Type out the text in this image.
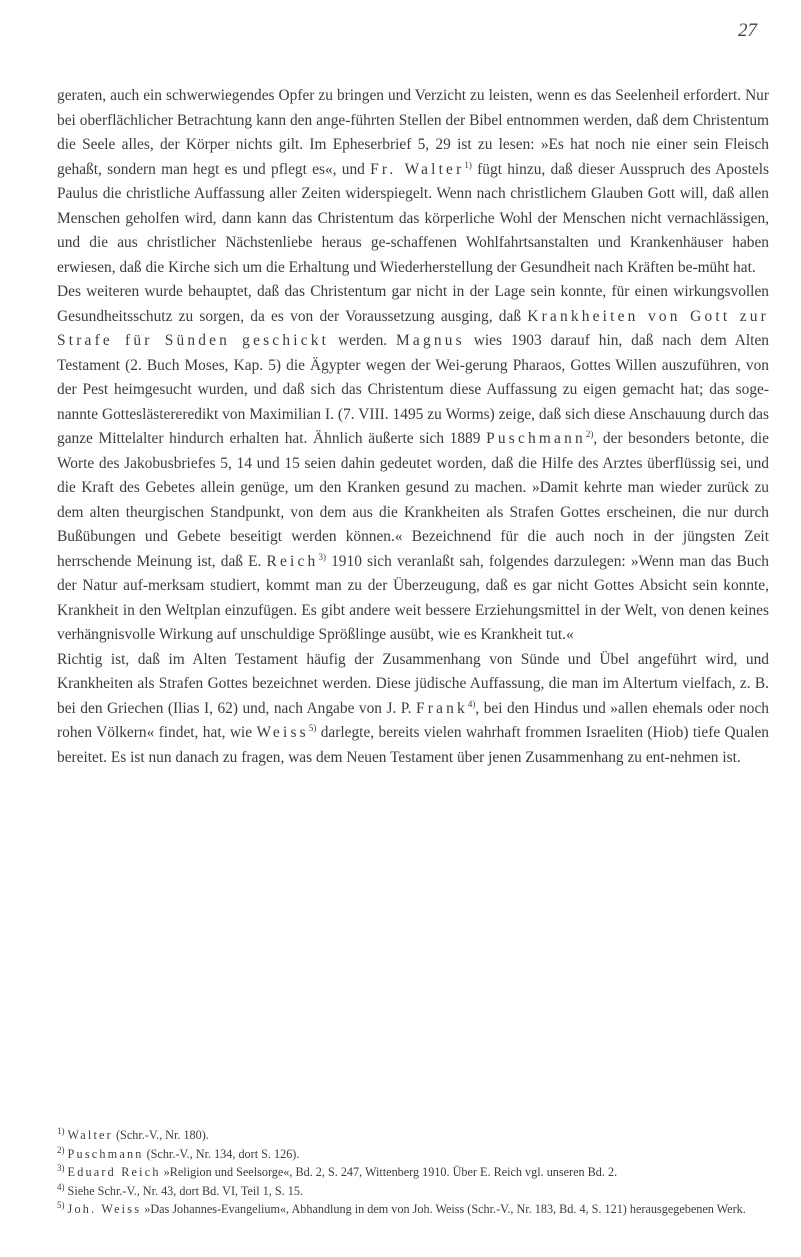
27

geraten, auch ein schwerwiegendes Opfer zu bringen und Verzicht zu leisten, wenn es das Seelenheil erfordert. Nur bei oberflächlicher Betrachtung kann den ange-führten Stellen der Bibel entnommen werden, daß dem Christentum die Seele alles, der Körper nichts gilt. Im Epheserbrief 5, 29 ist zu lesen: »Es hat noch nie einer sein Fleisch gehaßt, sondern man hegt es und pflegt es«, und Fr. Walter$^{1)}$ fügt hinzu, daß dieser Ausspruch des Apostels Paulus die christliche Auffassung aller Zeiten widerspiegelt. Wenn nach christlichem Glauben Gott will, daß allen Menschen geholfen wird, dann kann das Christentum das körperliche Wohl der Menschen nicht vernachlässigen, und die aus christlicher Nächstenliebe heraus ge-schaffenen Wohlfahrtsanstalten und Krankenhäuser haben erwiesen, daß die Kirche sich um die Erhaltung und Wiederherstellung der Gesundheit nach Kräften be-müht hat.

Des weiteren wurde behauptet, daß das Christentum gar nicht in der Lage sein konnte, für einen wirkungsvollen Gesundheitsschutz zu sorgen, da es von der Voraussetzung ausging, daß Krankheiten von Gott zur Strafe für Sünden geschickt werden. Magnus wies 1903 darauf hin, daß nach dem Alten Testament (2. Buch Moses, Kap. 5) die Ägypter wegen der Wei-gerung Pharaos, Gottes Willen auszuführen, von der Pest heimgesucht wurden, und daß sich das Christentum diese Auffassung zu eigen gemacht hat; das soge-nannte Gotteslästereredikt von Maximilian I. (7. VIII. 1495 zu Worms) zeige, daß sich diese Anschauung durch das ganze Mittelalter hindurch erhalten hat. Ähnlich äußerte sich 1889 Puschmann$^{2)}$, der besonders betonte, die Worte des Jakobusbriefes 5, 14 und 15 seien dahin gedeutet worden, daß die Hilfe des Arztes überflüssig sei, und die Kraft des Gebetes allein genüge, um den Kranken gesund zu machen. »Damit kehrte man wieder zurück zu dem alten theurgischen Standpunkt, von dem aus die Krankheiten als Strafen Gottes erscheinen, die nur durch Bußübungen und Gebete beseitigt werden können.« Bezeichnend für die auch noch in der jüngsten Zeit herrschende Meinung ist, daß E. Reich$^{3)}$ 1910 sich veranlaßt sah, folgendes darzulegen: »Wenn man das Buch der Natur auf-merksam studiert, kommt man zu der Überzeugung, daß es gar nicht Gottes Absicht sein konnte, Krankheit in den Weltplan einzufügen. Es gibt andere weit bessere Erziehungsmittel in der Welt, von denen keines verhängnisvolle Wirkung auf unschuldige Sprößlinge ausübt, wie es Krankheit tut.«

Richtig ist, daß im Alten Testament häufig der Zusammenhang von Sünde und Übel angeführt wird, und Krankheiten als Strafen Gottes bezeichnet werden. Diese jüdische Auffassung, die man im Altertum vielfach, z. B. bei den Griechen (Ilias I, 62) und, nach Angabe von J. P. Frank$^{4)}$, bei den Hindus und »allen ehemals oder noch rohen Völkern« findet, hat, wie Weiss$^{5)}$ darlegte, bereits vielen wahrhaft frommen Israeliten (Hiob) tiefe Qualen bereitet. Es ist nun danach zu fragen, was dem Neuen Testament über jenen Zusammenhang zu ent-nehmen ist.

$^{1)}$ Walter (Schr.-V., Nr. 180).

$^{2)}$ Puschmann (Schr.-V., Nr. 134, dort S. 126).

$^{3)}$ Eduard Reich »Religion und Seelsorge«, Bd. 2, S. 247, Wittenberg 1910. Über E. Reich vgl. unseren Bd. 2.

$^{4)}$ Siehe Schr.-V., Nr. 43, dort Bd. VI, Teil 1, S. 15.

$^{5)}$ Joh. Weiss »Das Johannes-Evangelium«, Abhandlung in dem von Joh. Weiss (Schr.-V., Nr. 183, Bd. 4, S. 121) herausgegebenen Werk.
